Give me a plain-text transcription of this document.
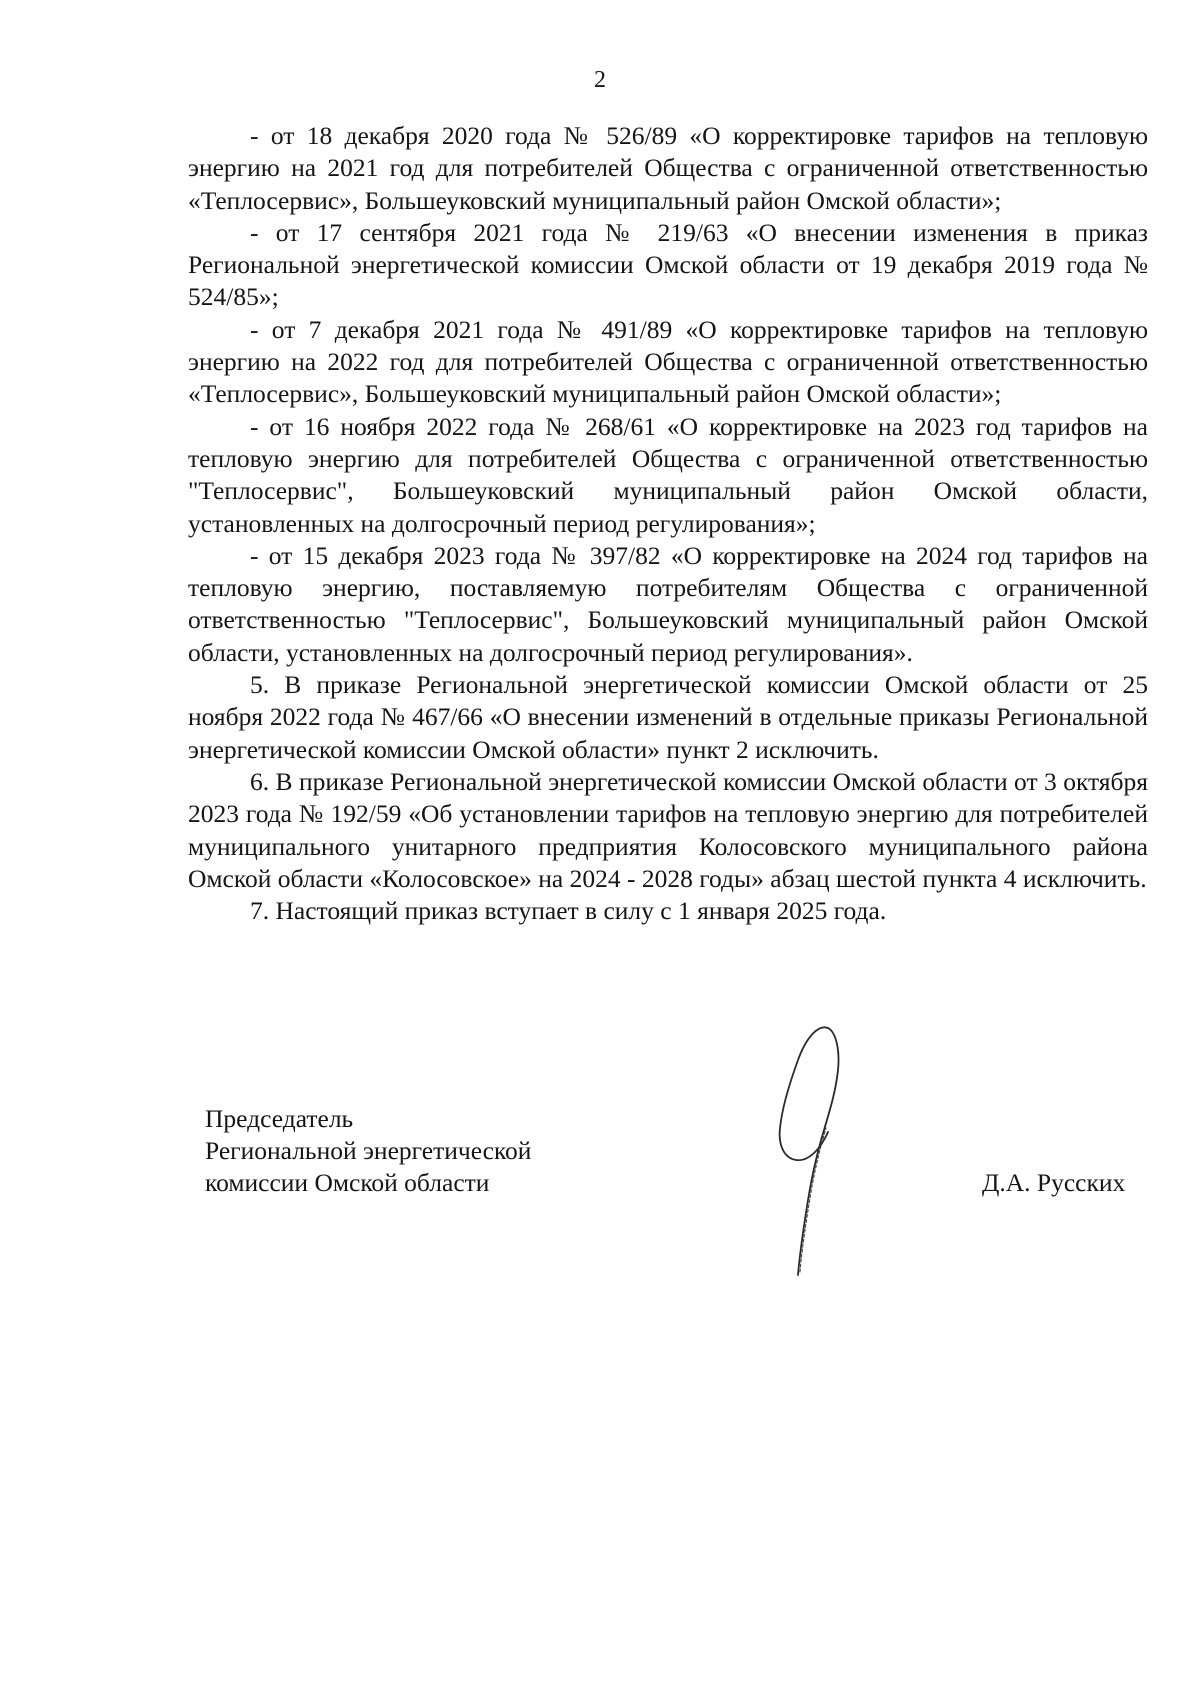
2

- от 18 декабря 2020 года № 526/89 «О корректировке тарифов на тепловую энергию на 2021 год для потребителей Общества с ограниченной ответственностью «Теплосервис», Большеуковский муниципальный район Омской области»;

- от 17 сентября 2021 года № 219/63 «О внесении изменения в приказ Региональной энергетической комиссии Омской области от 19 декабря 2019 года № 524/85»;

- от 7 декабря 2021 года № 491/89 «О корректировке тарифов на тепловую энергию на 2022 год для потребителей Общества с ограниченной ответственностью «Теплосервис», Большеуковский муниципальный район Омской области»;

- от 16 ноября 2022 года № 268/61 «О корректировке на 2023 год тарифов на тепловую энергию для потребителей Общества с ограниченной ответственностью "Теплосервис", Большеуковский муниципальный район Омской области, установленных на долгосрочный период регулирования»;

- от 15 декабря 2023 года № 397/82 «О корректировке на 2024 год тарифов на тепловую энергию, поставляемую потребителям Общества с ограниченной ответственностью "Теплосервис", Большеуковский муниципальный район Омской области, установленных на долгосрочный период регулирования».

5. В приказе Региональной энергетической комиссии Омской области от 25 ноября 2022 года № 467/66 «О внесении изменений в отдельные приказы Региональной энергетической комиссии Омской области» пункт 2 исключить.

6. В приказе Региональной энергетической комиссии Омской области от 3 октября 2023 года № 192/59 «Об установлении тарифов на тепловую энергию для потребителей муниципального унитарного предприятия Колосовского муниципального района Омской области «Колосовское» на 2024 - 2028 годы» абзац шестой пункта 4 исключить.

7. Настоящий приказ вступает в силу с 1 января 2025 года.

Председатель
Региональной энергетической
комиссии Омской области	Д.А. Русских
